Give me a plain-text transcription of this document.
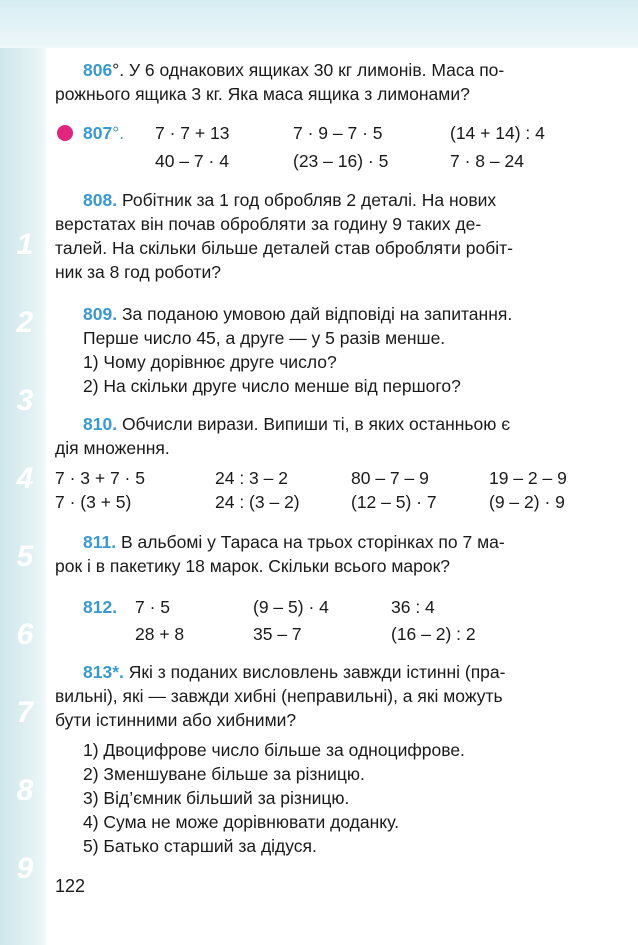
1
2
3
4
5
6
7
8
9
806°. У 6 однакових ящиках 30 кг лимонів. Маса по-
рожнього ящика 3 кг. Яка маса ящика з лимонами?
807°. 7 · 7 + 13	7 · 9 – 7 · 5	(14 + 14) : 4
40 – 7 · 4	(23 – 16) · 5	7 · 8 – 24
808. Робітник за 1 год обробляв 2 деталі. На нових
верстатах він почав обробляти за годину 9 таких де-
талей. На скільки більше деталей став обробляти робіт-
ник за 8 год роботи?
809. За поданою умовою дай відповіді на запитання.
Перше число 45, а друге — у 5 разів менше.
1) Чому дорівнює друге число?
2) На скільки друге число менше від першого?
810. Обчисли вирази. Випиши ті, в яких останньою є
дія множення.
7 · 3 + 7 · 5	24 : 3 – 2	80 – 7 – 9	19 – 2 – 9
7 · (3 + 5)	24 : (3 – 2)	(12 – 5) · 7	(9 – 2) · 9
811. В альбомі у Тараса на трьох сторінках по 7 ма-
рок і в пакетику 18 марок. Скільки всього марок?
812. 7 · 5	(9 – 5) · 4	36 : 4
28 + 8	35 – 7	(16 – 2) : 2
813*. Які з поданих висловлень завжди істинні (пра-
вильні), які — завжди хибні (неправильні), а які можуть
бути істинними або хибними?
1) Двоцифрове число більше за одноцифрове.
2) Зменшуване більше за різницю.
3) Від’ємник більший за різницю.
4) Сума не може дорівнювати доданку.
5) Батько старший за дідуся.
122
